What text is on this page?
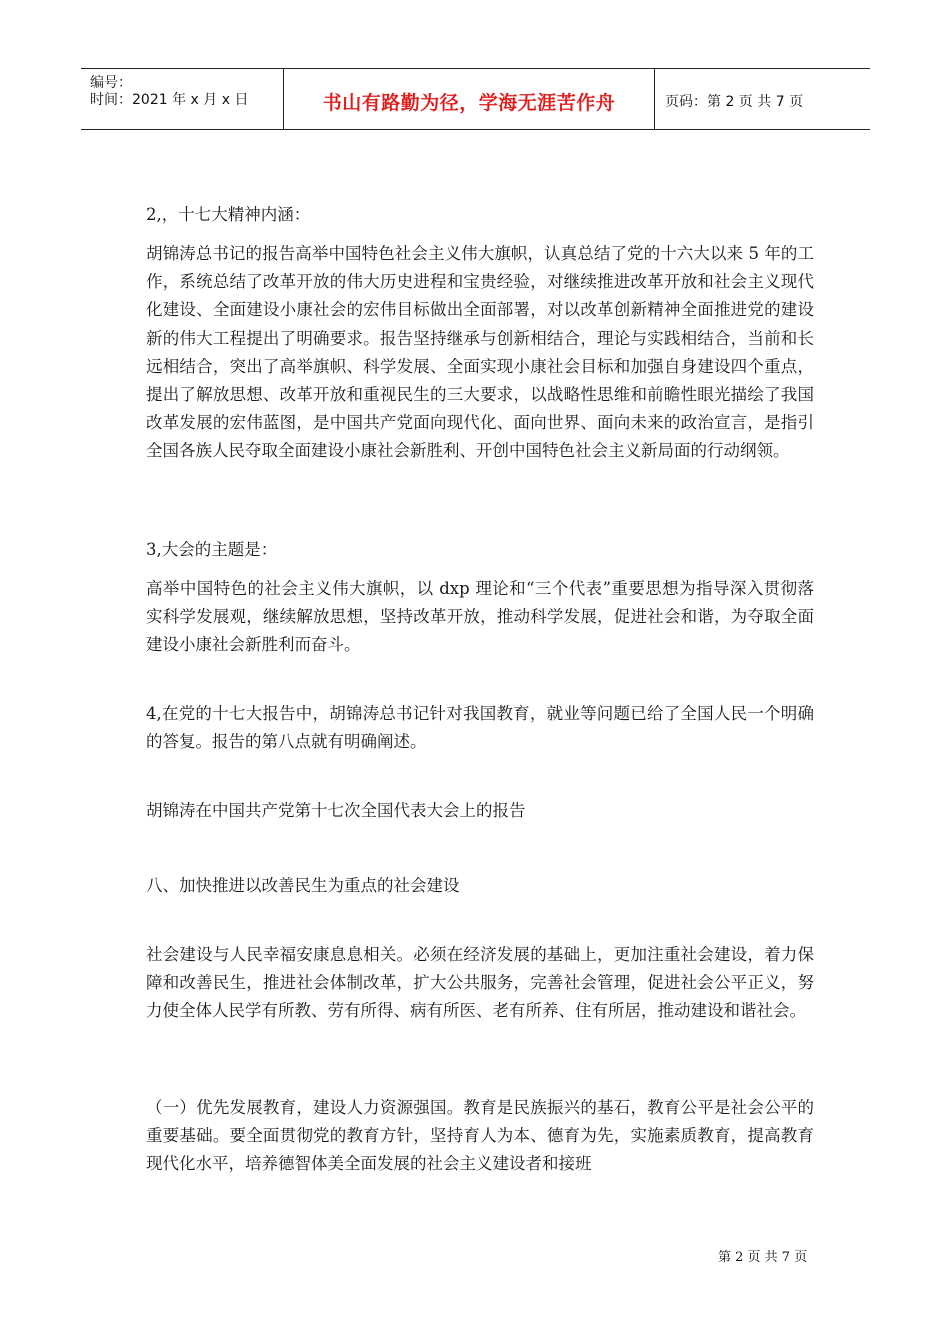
编号：
时间：2021 年 x 月 x 日	书山有路勤为径，学海无涯苦作舟	页码：第 2 页 共 7 页

2,，十七大精神内涵：

胡锦涛总书记的报告高举中国特色社会主义伟大旗帜，认真总结了党的十六大以来 5 年的工作，系统总结了改革开放的伟大历史进程和宝贵经验，对继续推进改革开放和社会主义现代化建设、全面建设小康社会的宏伟目标做出全面部署，对以改革创新精神全面推进党的建设新的伟大工程提出了明确要求。报告坚持继承与创新相结合，理论与实践相结合，当前和长远相结合，突出了高举旗帜、科学发展、全面实现小康社会目标和加强自身建设四个重点，提出了解放思想、改革开放和重视民生的三大要求，以战略性思维和前瞻性眼光描绘了我国改革发展的宏伟蓝图，是中国共产党面向现代化、面向世界、面向未来的政治宣言，是指引全国各族人民夺取全面建设小康社会新胜利、开创中国特色社会主义新局面的行动纲领。

3,大会的主题是：

高举中国特色的社会主义伟大旗帜，以 dxp 理论和“三个代表”重要思想为指导深入贯彻落实科学发展观，继续解放思想，坚持改革开放，推动科学发展，促进社会和谐，为夺取全面建设小康社会新胜利而奋斗。

4,在党的十七大报告中，胡锦涛总书记针对我国教育，就业等问题已给了全国人民一个明确的答复。报告的第八点就有明确阐述。

胡锦涛在中国共产党第十七次全国代表大会上的报告

八、加快推进以改善民生为重点的社会建设

社会建设与人民幸福安康息息相关。必须在经济发展的基础上，更加注重社会建设，着力保障和改善民生，推进社会体制改革，扩大公共服务，完善社会管理，促进社会公平正义，努力使全体人民学有所教、劳有所得、病有所医、老有所养、住有所居，推动建设和谐社会。

（一）优先发展教育，建设人力资源强国。教育是民族振兴的基石，教育公平是社会公平的重要基础。要全面贯彻党的教育方针，坚持育人为本、德育为先，实施素质教育，提高教育现代化水平，培养德智体美全面发展的社会主义建设者和接班

第 2 页 共 7 页
